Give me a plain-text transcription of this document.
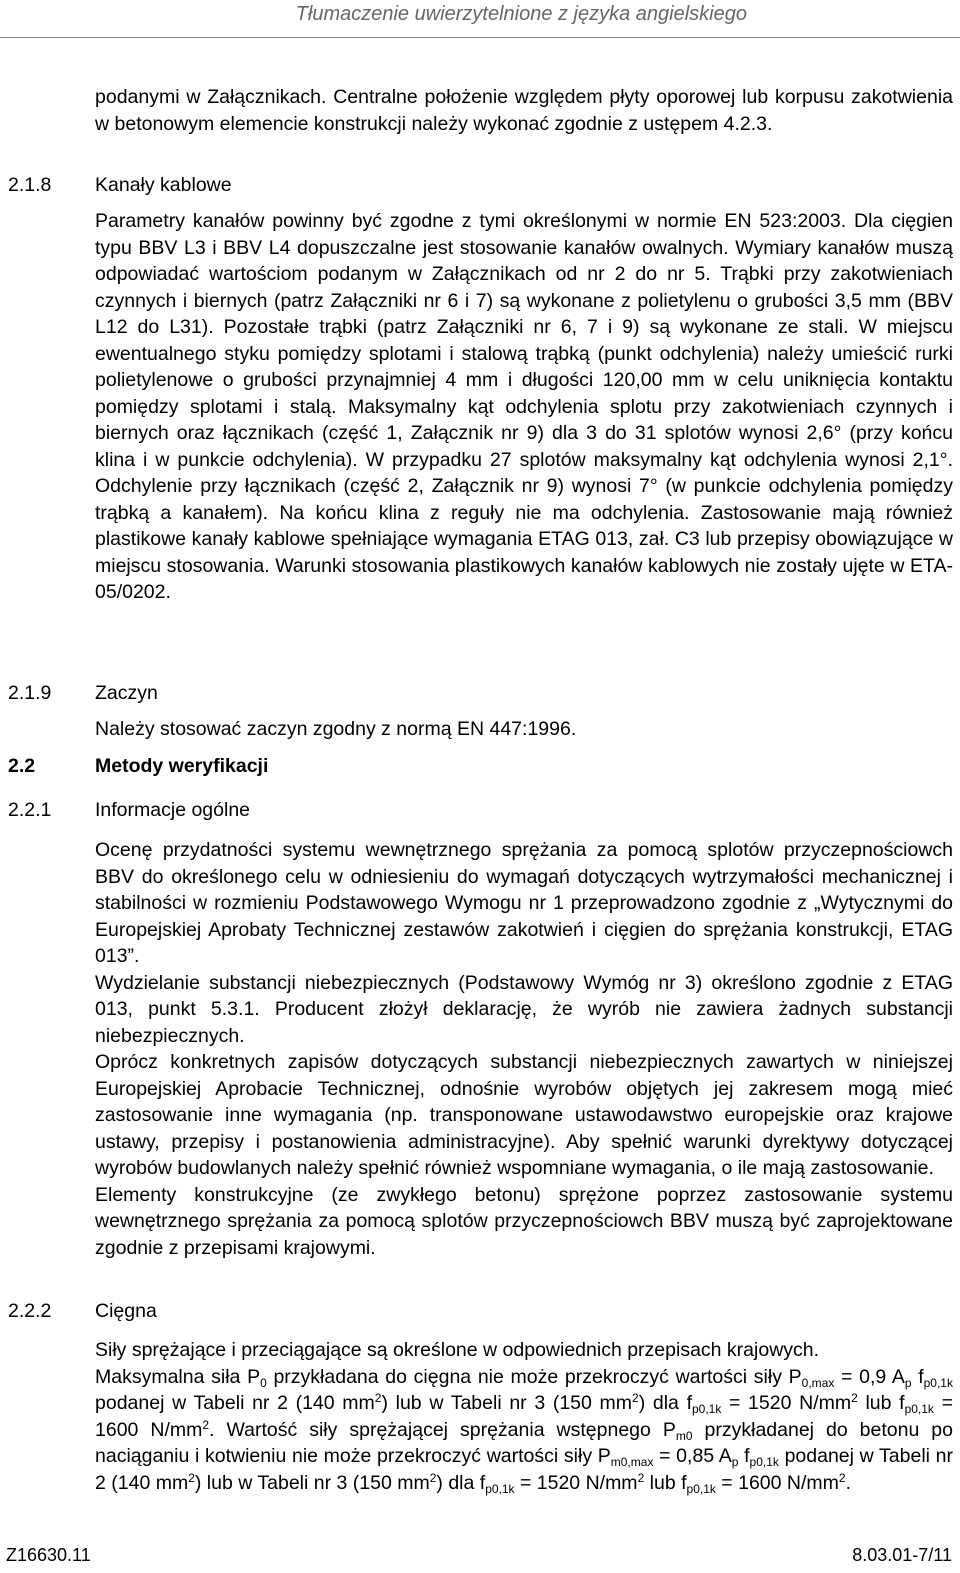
Tłumaczenie uwierzytelnione z języka angielskiego

podanymi w Załącznikach. Centralne położenie względem płyty oporowej lub korpusu zakotwienia w betonowym elemencie konstrukcji należy wykonać zgodnie z ustępem 4.2.3.

2.1.8 Kanały kablowe

Parametry kanałów powinny być zgodne z tymi określonymi w normie EN 523:2003. Dla cięgien typu BBV L3 i BBV L4 dopuszczalne jest stosowanie kanałów owalnych. Wymiary kanałów muszą odpowiadać wartościom podanym w Załącznikach od nr 2 do nr 5. Trąbki przy zakotwieniach czynnych i biernych (patrz Załączniki nr 6 i 7) są wykonane z polietylenu o grubości 3,5 mm (BBV L12 do L31). Pozostałe trąbki (patrz Załączniki nr 6, 7 i 9) są wykonane ze stali. W miejscu ewentualnego styku pomiędzy splotami i stalową trąbką (punkt odchylenia) należy umieścić rurki polietylenowe o grubości przynajmniej 4 mm i długości 120,00 mm w celu uniknięcia kontaktu pomiędzy splotami i stalą. Maksymalny kąt odchylenia splotu przy zakotwieniach czynnych i biernych oraz łącznikach (część 1, Załącznik nr 9) dla 3 do 31 splotów wynosi 2,6° (przy końcu klina i w punkcie odchylenia). W przypadku 27 splotów maksymalny kąt odchylenia wynosi 2,1°. Odchylenie przy łącznikach (część 2, Załącznik nr 9) wynosi 7° (w punkcie odchylenia pomiędzy trąbką a kanałem). Na końcu klina z reguły nie ma odchylenia. Zastosowanie mają również plastikowe kanały kablowe spełniające wymagania ETAG 013, zał. C3 lub przepisy obowiązujące w miejscu stosowania. Warunki stosowania plastikowych kanałów kablowych nie zostały ujęte w ETA-05/0202.

2.1.9 Zaczyn

Należy stosować zaczyn zgodny z normą EN 447:1996.

2.2	Metody weryfikacji
2.2.1 Informacje ogólne

Ocenę przydatności systemu wewnętrznego sprężania za pomocą splotów przyczepnościowch BBV do określonego celu w odniesieniu do wymagań dotyczących wytrzymałości mechanicznej i stabilności w rozmieniu Podstawowego Wymogu nr 1 przeprowadzono zgodnie z „Wytycznymi do Europejskiej Aprobaty Technicznej zestawów zakotwień i cięgien do sprężania konstrukcji, ETAG 013”.

Wydzielanie substancji niebezpiecznych (Podstawowy Wymóg nr 3) określono zgodnie z ETAG 013, punkt 5.3.1. Producent złożył deklarację, że wyrób nie zawiera żadnych substancji niebezpiecznych.

Oprócz konkretnych zapisów dotyczących substancji niebezpiecznych zawartych w niniejszej Europejskiej Aprobacie Technicznej, odnośnie wyrobów objętych jej zakresem mogą mieć zastosowanie inne wymagania (np. transponowane ustawodawstwo europejskie oraz krajowe ustawy, przepisy i postanowienia administracyjne). Aby spełnić warunki dyrektywy dotyczącej wyrobów budowlanych należy spełnić również wspomniane wymagania, o ile mają zastosowanie.

Elementy konstrukcyjne (ze zwykłego betonu) sprężone poprzez zastosowanie systemu wewnętrznego sprężania za pomocą splotów przyczepnościowch BBV muszą być zaprojektowane zgodnie z przepisami krajowymi.

2.2.2 Cięgna

Siły sprężające i przeciągające są określone w odpowiednich przepisach krajowych.

Maksymalna siła $P_0$ przykładana do cięgna nie może przekroczyć wartości siły $P_{0,max} = 0,9$ $A_p$ $f_{p0,1k}$ podanej w Tabeli nr 2 (140 $mm^2$) lub w Tabeli nr 3 (150 $mm^2$) dla $f_{p0,1k} = 1520$ $N/mm^2$ lub $f_{p0,1k} = 1600$ $N/mm^2$. Wartość siły sprężającej sprężania wstępnego $P_{m0}$ przykładanej do betonu po naciąganiu i kotwieniu nie może przekroczyć wartości siły $P_{m0,max} = 0,85$ $A_p$ $f_{p0,1k}$ podanej w Tabeli nr 2 (140 $mm^2$) lub w Tabeli nr 3 (150 $mm^2$) dla $f_{p0,1k} = 1520$ $N/mm^2$ lub $f_{p0,1k} = 1600$ $N/mm^2$.

Z16630.11	8.03.01-7/11
